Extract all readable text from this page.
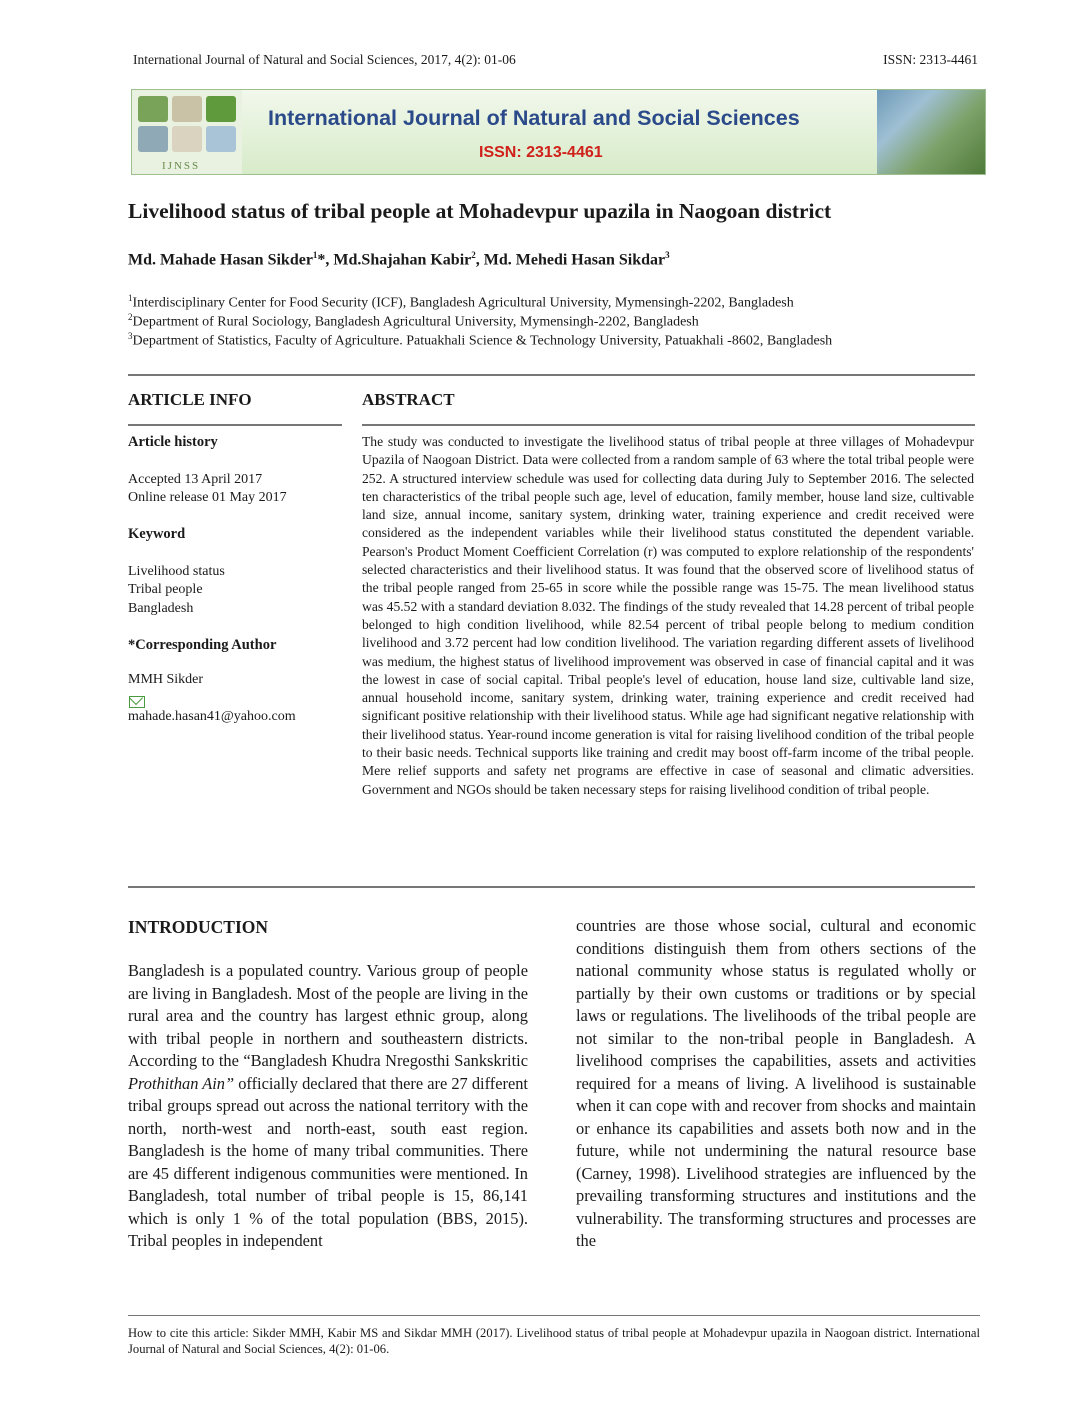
International Journal of Natural and Social Sciences, 2017, 4(2): 01-06	ISSN: 2313-4461
IJNSS
International Journal of Natural and Social Sciences
ISSN: 2313-4461
Livelihood status of tribal people at Mohadevpur upazila in Naogoan district
Md. Mahade Hasan Sikder$^1$*, Md.Shajahan Kabir$^2$, Md. Mehedi Hasan Sikdar$^3$
$^1$Interdisciplinary Center for Food Security (ICF), Bangladesh Agricultural University, Mymensingh-2202, Bangladesh
$^2$Department of Rural Sociology, Bangladesh Agricultural University, Mymensingh-2202, Bangladesh
$^3$Department of Statistics, Faculty of Agriculture. Patuakhali Science & Technology University, Patuakhali -8602, Bangladesh
ARTICLE INFO
Article history
Accepted 13 April 2017
Online release 01 May 2017
Keyword
Livelihood status
Tribal people
Bangladesh
*Corresponding Author
MMH Sikder
mahade.hasan41@yahoo.com
ABSTRACT
The study was conducted to investigate the livelihood status of tribal people at three villages of Mohadevpur Upazila of Naogoan District. Data were collected from a random sample of 63 where the total tribal people were 252. A structured interview schedule was used for collecting data during July to September 2016. The selected ten characteristics of the tribal people such age, level of education, family member, house land size, cultivable land size, annual income, sanitary system, drinking water, training experience and credit received were considered as the independent variables while their livelihood status constituted the dependent variable. Pearson's Product Moment Coefficient Correlation (r) was computed to explore relationship of the respondents' selected characteristics and their livelihood status. It was found that the observed score of livelihood status of the tribal people ranged from 25-65 in score while the possible range was 15-75. The mean livelihood status was 45.52 with a standard deviation 8.032. The findings of the study revealed that 14.28 percent of tribal people belonged to high condition livelihood, while 82.54 percent of tribal people belong to medium condition livelihood and 3.72 percent had low condition livelihood. The variation regarding different assets of livelihood was medium, the highest status of livelihood improvement was observed in case of financial capital and it was the lowest in case of social capital. Tribal people's level of education, house land size, cultivable land size, annual household income, sanitary system, drinking water, training experience and credit received had significant positive relationship with their livelihood status. While age had significant negative relationship with their livelihood status. Year-round income generation is vital for raising livelihood condition of the tribal people to their basic needs. Technical supports like training and credit may boost off-farm income of the tribal people. Mere relief supports and safety net programs are effective in case of seasonal and climatic adversities. Government and NGOs should be taken necessary steps for raising livelihood condition of tribal people.
INTRODUCTION
Bangladesh is a populated country. Various group of people are living in Bangladesh. Most of the people are living in the rural area and the country has largest ethnic group, along with tribal people in northern and southeastern districts. According to the “Bangladesh Khudra Nregosthi Sankskritic Prothithan Ain” officially declared that there are 27 different tribal groups spread out across the national territory with the north, north-west and north-east, south east region. Bangladesh is the home of many tribal communities. There are 45 different indigenous communities were mentioned. In Bangladesh, total number of tribal people is 15, 86,141 which is only 1 % of the total population (BBS, 2015). Tribal peoples in independent
countries are those whose social, cultural and economic conditions distinguish them from others sections of the national community whose status is regulated wholly or partially by their own customs or traditions or by special laws or regulations. The livelihoods of the tribal people are not similar to the non-tribal people in Bangladesh. A livelihood comprises the capabilities, assets and activities required for a means of living. A livelihood is sustainable when it can cope with and recover from shocks and maintain or enhance its capabilities and assets both now and in the future, while not undermining the natural resource base (Carney, 1998). Livelihood strategies are influenced by the prevailing transforming structures and institutions and the vulnerability. The transforming structures and processes are the
How to cite this article: Sikder MMH, Kabir MS and Sikdar MMH (2017). Livelihood status of tribal people at Mohadevpur upazila in Naogoan district. International Journal of Natural and Social Sciences, 4(2): 01-06.
